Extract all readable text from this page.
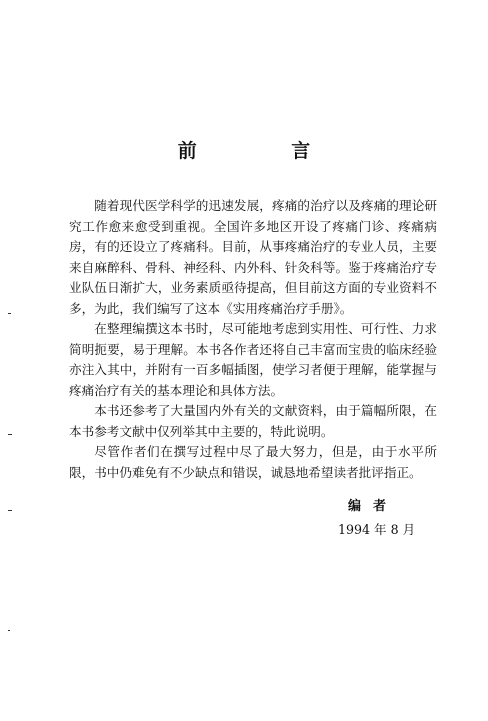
前 言

随着现代医学科学的迅速发展，疼痛的治疗以及疼痛的理论研究工作愈来愈受到重视。全国许多地区开设了疼痛门诊、疼痛病房，有的还设立了疼痛科。目前，从事疼痛治疗的专业人员，主要来自麻醉科、骨科、神经科、内外科、针灸科等。鉴于疼痛治疗专业队伍日渐扩大，业务素质亟待提高，但目前这方面的专业资料不多，为此，我们编写了这本《实用疼痛治疗手册》。

在整理编撰这本书时，尽可能地考虑到实用性、可行性、力求简明扼要，易于理解。本书各作者还将自己丰富而宝贵的临床经验亦注入其中，并附有一百多幅插图，使学习者便于理解，能掌握与疼痛治疗有关的基本理论和具体方法。

本书还参考了大量国内外有关的文献资料，由于篇幅所限，在本书参考文献中仅列举其中主要的，特此说明。

尽管作者们在撰写过程中尽了最大努力，但是，由于水平所限，书中仍难免有不少缺点和错误，诚恳地希望读者批评指正。

编者
1994 年 8 月
